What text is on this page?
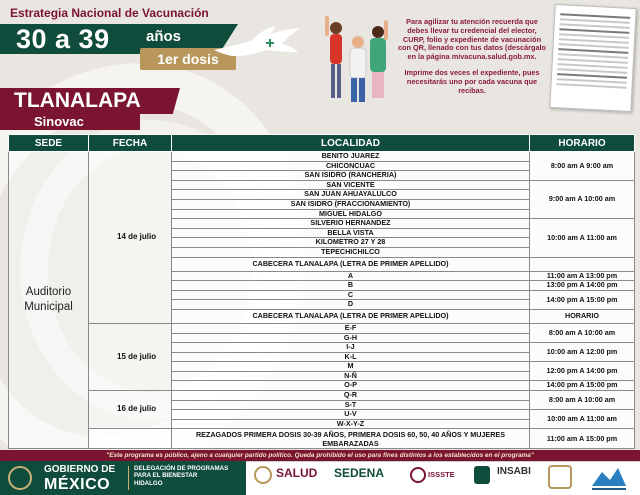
Estrategia Nacional de Vacunación
30 a 39 años
1er dosis
Para agilizar tu atención recuerda que debes llevar tu credencial del elector, CURP, folio y expediente de vacunación con QR, llenado con tus datos (descárgalo en la página mivacuna.salud.gob.mx.
Imprime dos veces el expediente, pues necesitarás uno por cada vacuna que recibas.
TLANALAPA
Sinovac
SEDE	FECHA	LOCALIDAD	HORARIO
Auditorio Municipal	14 de julio	BENITO JUAREZ	8:00 am A 9:00 am
		CHICONCUAC	
		SAN ISIDRO (RANCHERIA)	
		SAN VICENTE	9:00 am A 10:00 am
		SAN JUAN AHUAYALULCO	
		SAN ISIDRO (FRACCIONAMIENTO)	
		MIGUEL HIDALGO	
		SILVERIO HERNANDEZ	10:00 am A 11:00 am
		BELLA VISTA	
		KILOMETRO 27 Y 28	
		TEPECHICHILCO	
		CABECERA TLANALAPA (LETRA DE PRIMER APELLIDO)	
		A	11:00 am A 13:00 pm
		B	13:00 pm A 14:00 pm
		C	14:00 pm A 15:00 pm
		D	
		CABECERA TLANALAPA (LETRA DE PRIMER APELLIDO)	HORARIO
	15 de julio	E-F	8:00 am A 10:00 am
		G-H	
		I-J	10:00 am A 12:00 pm
		K-L	
		M	12:00 pm A 14:00 pm
		N-Ñ	
		O-P	14:00 pm A 15:00 pm
	16 de julio	Q-R	8:00 am A 10:00 am
		S-T	
		U-V	10:00 am A 11:00 am
		W-X-Y-Z	
		REZAGADOS PRIMERA DOSIS 30-39 AÑOS, PRIMERA DOSIS 60, 50, 40 AÑOS Y MUJERES EMBARAZADAS	11:00 am A 15:00 pm
"Este programa es público, ajeno a cualquier partido político. Queda prohibido el uso para fines distintos a los establecidos en el programa"
GOBIERNO DE
MÉXICO
DELEGACIÓN DE PROGRAMAS
PARA EL BIENESTAR
HIDALGO
SALUD SEDENA	ISSSTE	INSABI
